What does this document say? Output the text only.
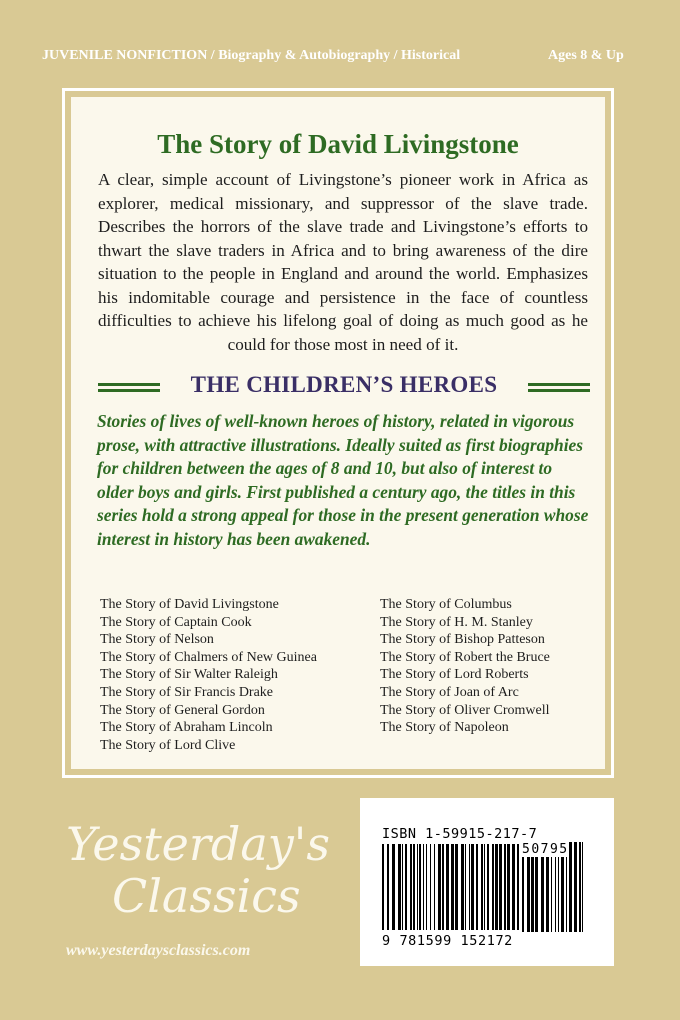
JUVENILE NONFICTION / Biography & Autobiography / Historical	Ages 8 & Up
The Story of David Livingstone
A clear, simple account of Livingstone’s pioneer work in Africa as explorer, medical missionary, and suppressor of the slave trade. Describes the horrors of the slave trade and Livingstone’s efforts to thwart the slave traders in Africa and to bring awareness of the dire situation to the people in England and around the world. Emphasizes his indomitable courage and persistence in the face of countless difficulties to achieve his lifelong goal of doing as much good as he could for those most in need of it.
THE CHILDREN’S HEROES
Stories of lives of well-known heroes of history, related in vigorous prose, with attractive illustrations. Ideally suited as first biographies for children between the ages of 8 and 10, but also of interest to older boys and girls. First published a century ago, the titles in this series hold a strong appeal for those in the present generation whose interest in history has been awakened.
The Story of David Livingstone
The Story of Captain Cook
The Story of Nelson
The Story of Chalmers of New Guinea
The Story of Sir Walter Raleigh
The Story of Sir Francis Drake
The Story of General Gordon
The Story of Abraham Lincoln
The Story of Lord Clive
The Story of Columbus
The Story of H. M. Stanley
The Story of Bishop Patteson
The Story of Robert the Bruce
The Story of Lord Roberts
The Story of Joan of Arc
The Story of Oliver Cromwell
The Story of Napoleon
Yesterday's
Classics
www.yesterdaysclassics.com
ISBN 1-59915-217-7
50795
9 781599 152172
